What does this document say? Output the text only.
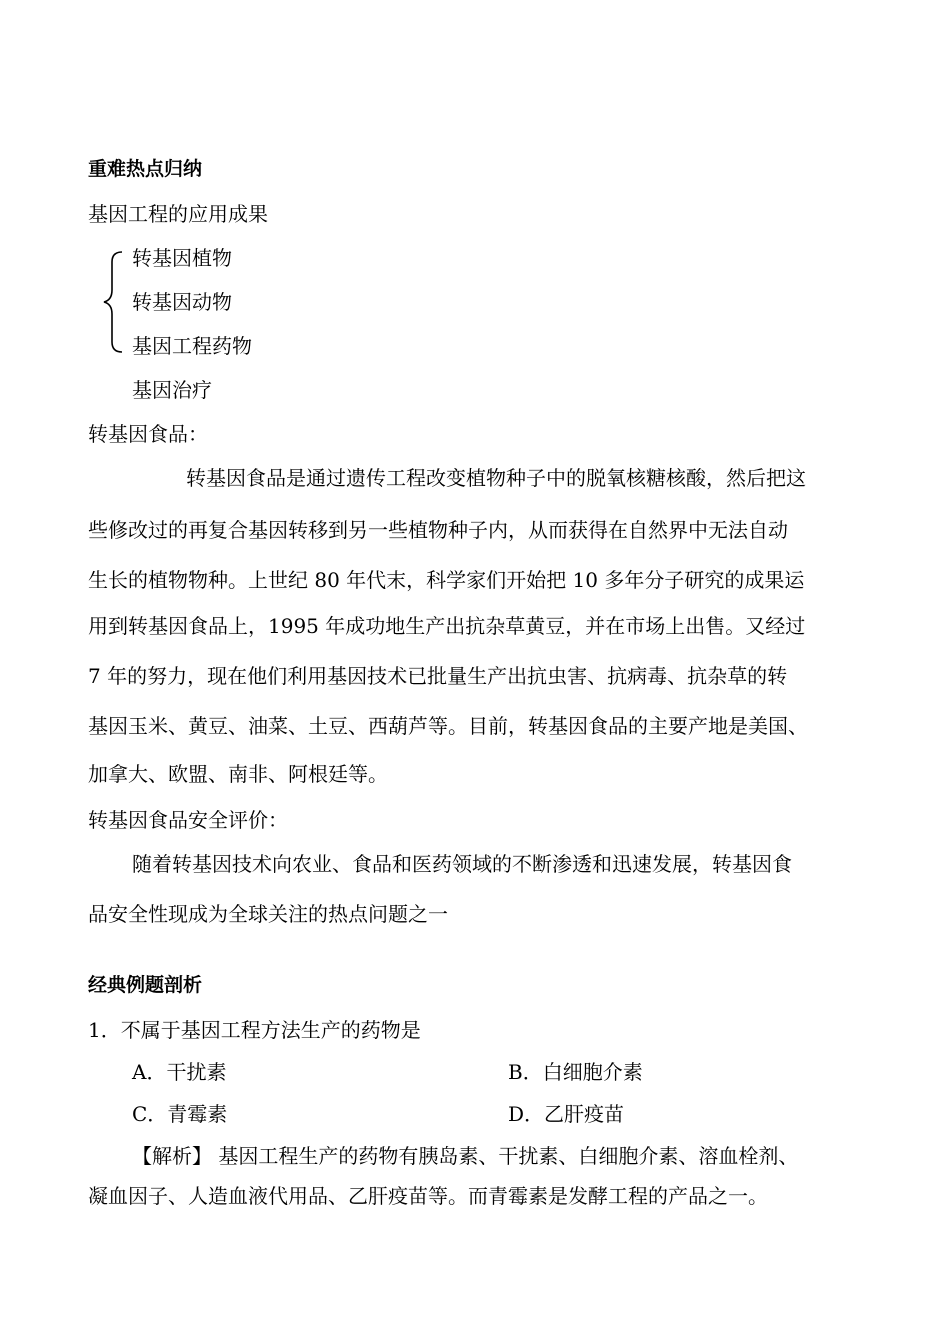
重难热点归纳
基因工程的应用成果
转基因植物
转基因动物
基因工程药物
基因治疗
转基因食品：
转基因食品是通过遗传工程改变植物种子中的脱氧核糖核酸，然后把这
些修改过的再复合基因转移到另一些植物种子内，从而获得在自然界中无法自动
生长的植物物种。上世纪 80 年代末，科学家们开始把 10 多年分子研究的成果运
用到转基因食品上，1995 年成功地生产出抗杂草黄豆，并在市场上出售。又经过
7 年的努力，现在他们利用基因技术已批量生产出抗虫害、抗病毒、抗杂草的转
基因玉米、黄豆、油菜、土豆、西葫芦等。目前，转基因食品的主要产地是美国、
加拿大、欧盟、南非、阿根廷等。
转基因食品安全评价：
随着转基因技术向农业、食品和医药领域的不断渗透和迅速发展，转基因食
品安全性现成为全球关注的热点问题之一
经典例题剖析
1．不属于基因工程方法生产的药物是
A．干扰素	B．白细胞介素
C．青霉素	D．乙肝疫苗
【解析】 基因工程生产的药物有胰岛素、干扰素、白细胞介素、溶血栓剂、
凝血因子、人造血液代用品、乙肝疫苗等。而青霉素是发酵工程的产品之一。
